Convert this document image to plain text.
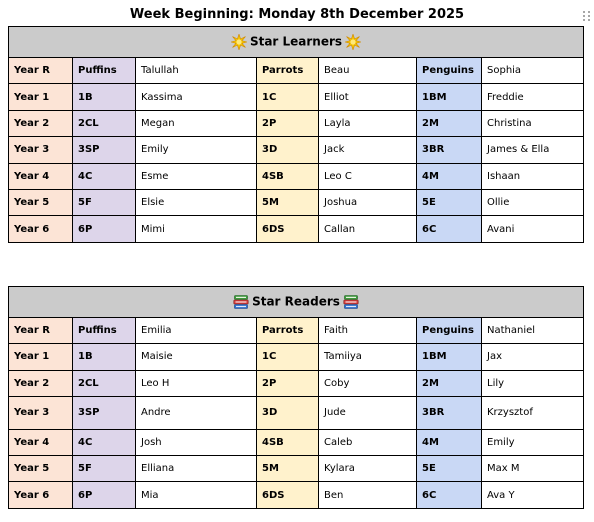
Week Beginning: Monday 8th December 2025
Star Learners						
Year R	Puffins	Talullah	Parrots	Beau	Penguins	Sophia
Year 1	1B	Kassima	1C	Elliot	1BM	Freddie
Year 2	2CL	Megan	2P	Layla	2M	Christina
Year 3	3SP	Emily	3D	Jack	3BR	James & Ella
Year 4	4C	Esme	4SB	Leo C	4M	Ishaan
Year 5	5F	Elsie	5M	Joshua	5E	Ollie
Year 6	6P	Mimi	6DS	Callan	6C	Avani
Star Readers						
Year R	Puffins	Emilia	Parrots	Faith	Penguins	Nathaniel
Year 1	1B	Maisie	1C	Tamiiya	1BM	Jax
Year 2	2CL	Leo H	2P	Coby	2M	Lily
Year 3	3SP	Andre	3D	Jude	3BR	Krzysztof
Year 4	4C	Josh	4SB	Caleb	4M	Emily
Year 5	5F	Elliana	5M	Kylara	5E	Max M
Year 6	6P	Mia	6DS	Ben	6C	Ava Y
